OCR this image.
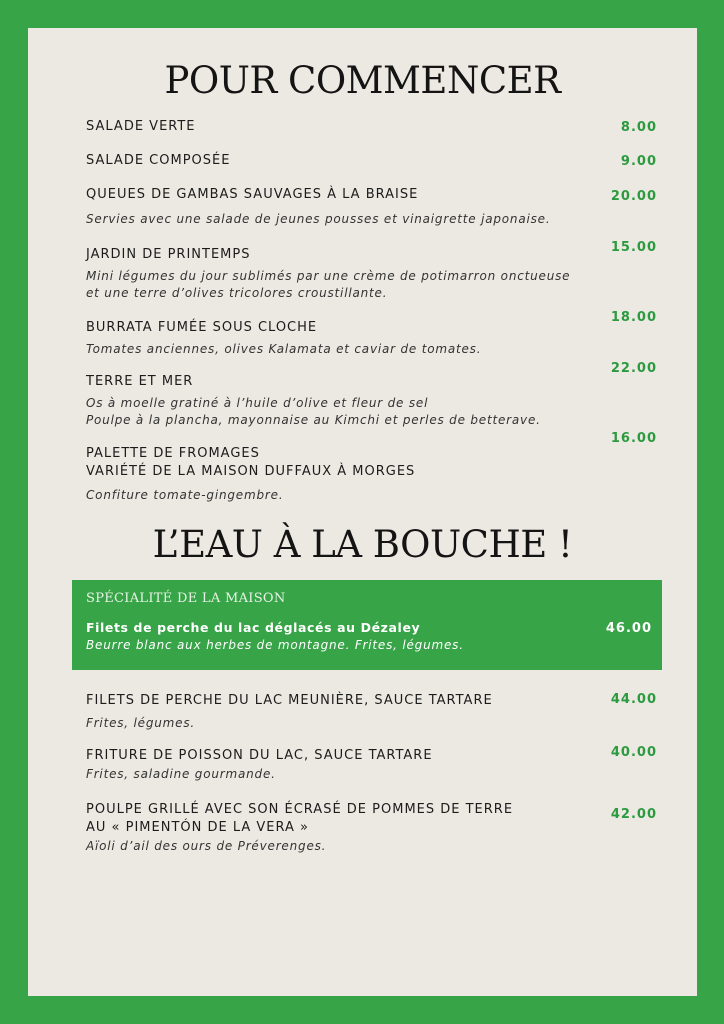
POUR COMMENCER
SALADE VERTE	8.00
SALADE COMPOSÉE	9.00
QUEUES DE GAMBAS SAUVAGES À LA BRAISE
Servies avec une salade de jeunes pousses et vinaigrette japonaise.
20.00
JARDIN DE PRINTEMPS
Mini légumes du jour sublimés par une crème de potimarron onctueuse
et une terre d’olives tricolores croustillante.
15.00
BURRATA FUMÉE SOUS CLOCHE
Tomates anciennes, olives Kalamata et caviar de tomates.
18.00
TERRE ET MER
Os à moelle gratiné à l’huile d’olive et fleur de sel
Poulpe à la plancha, mayonnaise au Kimchi et perles de betterave.
22.00
PALETTE DE FROMAGES
VARIÉTÉ DE LA MAISON DUFFAUX À MORGES
Confiture tomate-gingembre.
16.00
L’EAU À LA BOUCHE !
SPÉCIALITÉ DE LA MAISON
Filets de perche du lac déglacés au Dézaley
Beurre blanc aux herbes de montagne. Frites, légumes.
46.00
FILETS DE PERCHE DU LAC MEUNIÈRE, SAUCE TARTARE
Frites, légumes.
44.00
FRITURE DE POISSON DU LAC, SAUCE TARTARE
Frites, saladine gourmande.
40.00
POULPE GRILLÉ AVEC SON ÉCRASÉ DE POMMES DE TERRE
AU « PIMENTÓN DE LA VERA »
Aïoli d’ail des ours de Préverenges.
42.00
